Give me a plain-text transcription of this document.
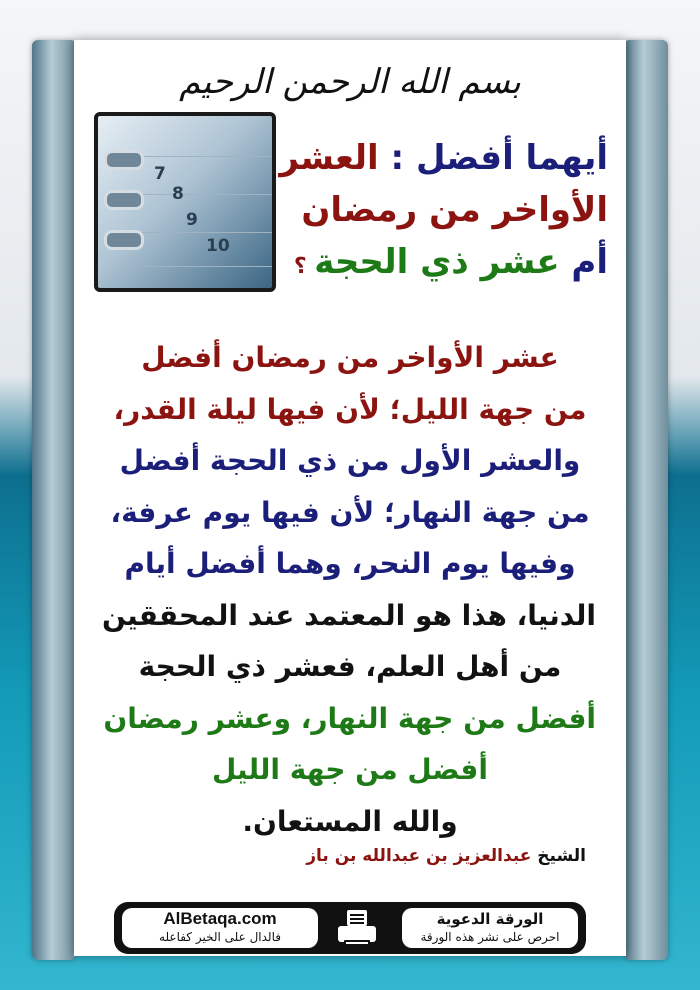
بسم الله الرحمن الرحيم
7
8
9
10
أيهما أفضل : العشر
الأواخر من رمضان
أم عشر ذي الحجة ؟
عشر الأواخر من رمضان أفضل
من جهة الليل؛ لأن فيها ليلة القدر،
والعشر الأول من ذي الحجة أفضل
من جهة النهار؛ لأن فيها يوم عرفة،
وفيها يوم النحر، وهما أفضل أيام
الدنيا، هذا هو المعتمد عند المحققين
من أهل العلم، فعشر ذي الحجة
أفضل من جهة النهار، وعشر رمضان
أفضل من جهة الليل
والله المستعان.
الشيخ عبدالعزيز بن عبدالله بن باز
الورقة الدعوية
احرص على نشر هذه الورقة
AlBetaqa.com
فالدال على الخير كفاعله
